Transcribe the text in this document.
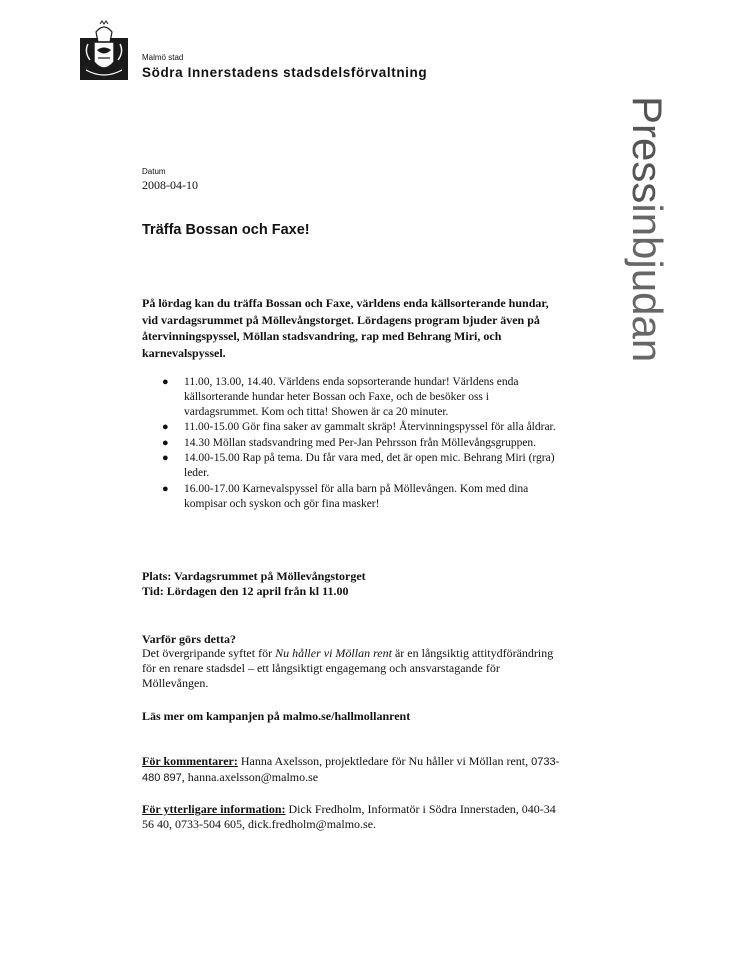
Malmö stad
Södra Innerstadens stadsdelsförvaltning
Pressinbjudan
Datum
2008-04-10
Träffa Bossan och Faxe!

På lördag kan du träffa Bossan och Faxe, världens enda källsorterande hundar, vid vardagsrummet på Möllevångstorget. Lördagens program bjuder även på återvinningspyssel, Möllan stadsvandring, rap med Behrang Miri, och karnevalspyssel.

● 11.00, 13.00, 14.40. Världens enda sopsorterande hundar! Världens enda källsorterande hundar heter Bossan och Faxe, och de besöker oss i vardagsrummet. Kom och titta! Showen är ca 20 minuter.
● 11.00-15.00 Gör fina saker av gammalt skräp! Återvinningspyssel för alla åldrar.
● 14.30 Möllan stadsvandring med Per-Jan Pehrsson från Möllevångsgruppen.
● 14.00-15.00 Rap på tema. Du får vara med, det är open mic. Behrang Miri (rgra) leder.
● 16.00-17.00 Karnevalspyssel för alla barn på Möllevången. Kom med dina kompisar och syskon och gör fina masker!
Plats: Vardagsrummet på Möllevångstorget
Tid: Lördagen den 12 april från kl 11.00
Varför görs detta?

Det övergripande syftet för Nu håller vi Möllan rent är en långsiktig attitydförändring för en renare stadsdel – ett långsiktigt engagemang och ansvarstagande för Möllevången.

Läs mer om kampanjen på malmo.se/hallmollanrent

För kommentarer: Hanna Axelsson, projektledare för Nu håller vi Möllan rent, 0733-480 897, hanna.axelsson@malmo.se

För ytterligare information: Dick Fredholm, Informatör i Södra Innerstaden, 040-34 56 40, 0733-504 605, dick.fredholm@malmo.se.
